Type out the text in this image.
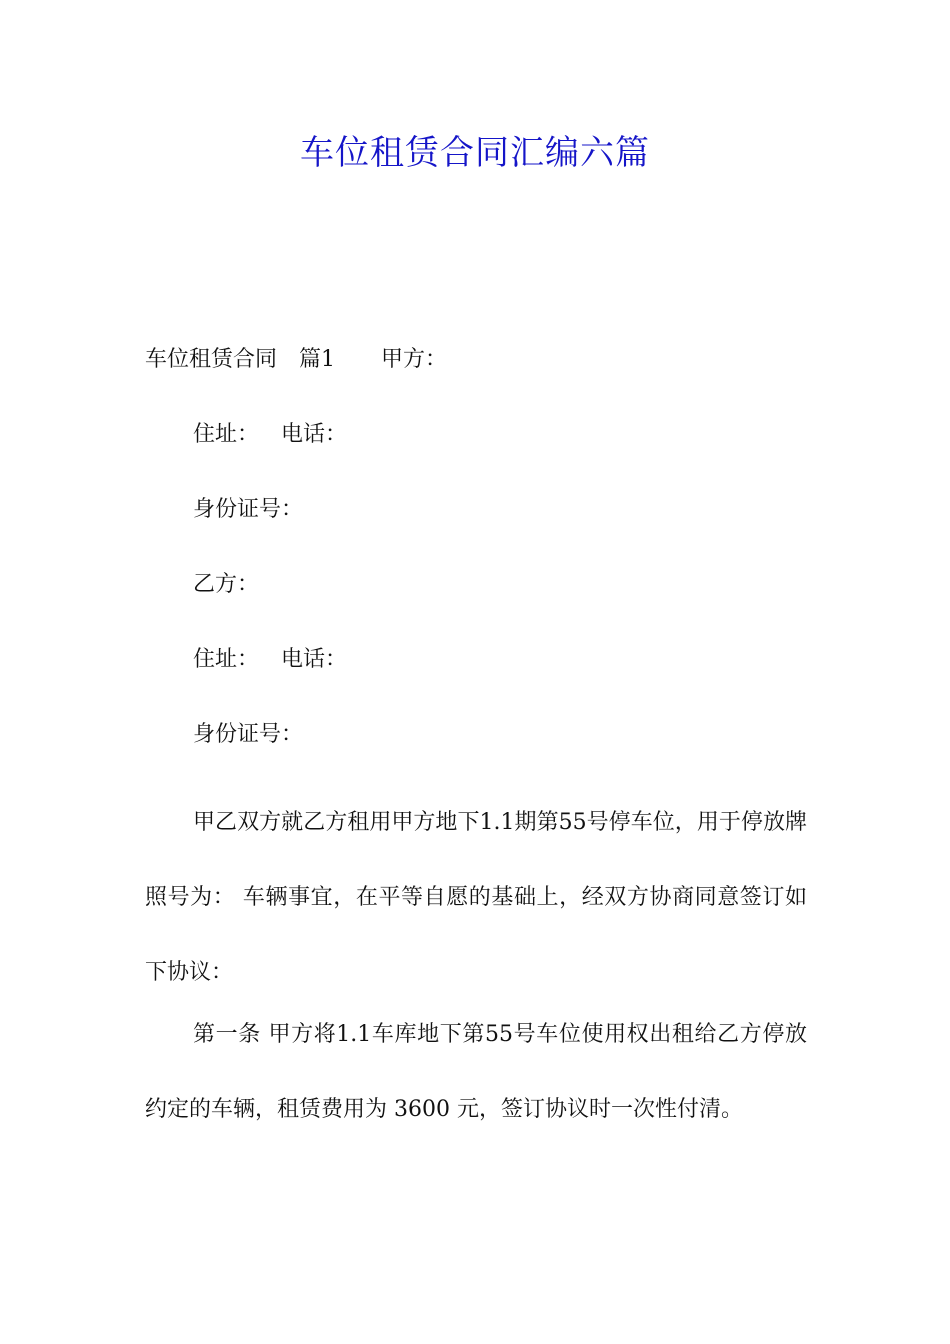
车位租赁合同汇编六篇
车位租赁合同 篇1 甲方：
住址： 电话：
身份证号：
乙方：
住址： 电话：
身份证号：
甲乙双方就乙方租用甲方地下1.1期第55号停车位，用于停放牌照号为： 车辆事宜，在平等自愿的基础上，经双方协商同意签订如下协议：
第一条 甲方将1.1车库地下第55号车位使用权出租给乙方停放约定的车辆，租赁费用为 3600 元，签订协议时一次性付清。
